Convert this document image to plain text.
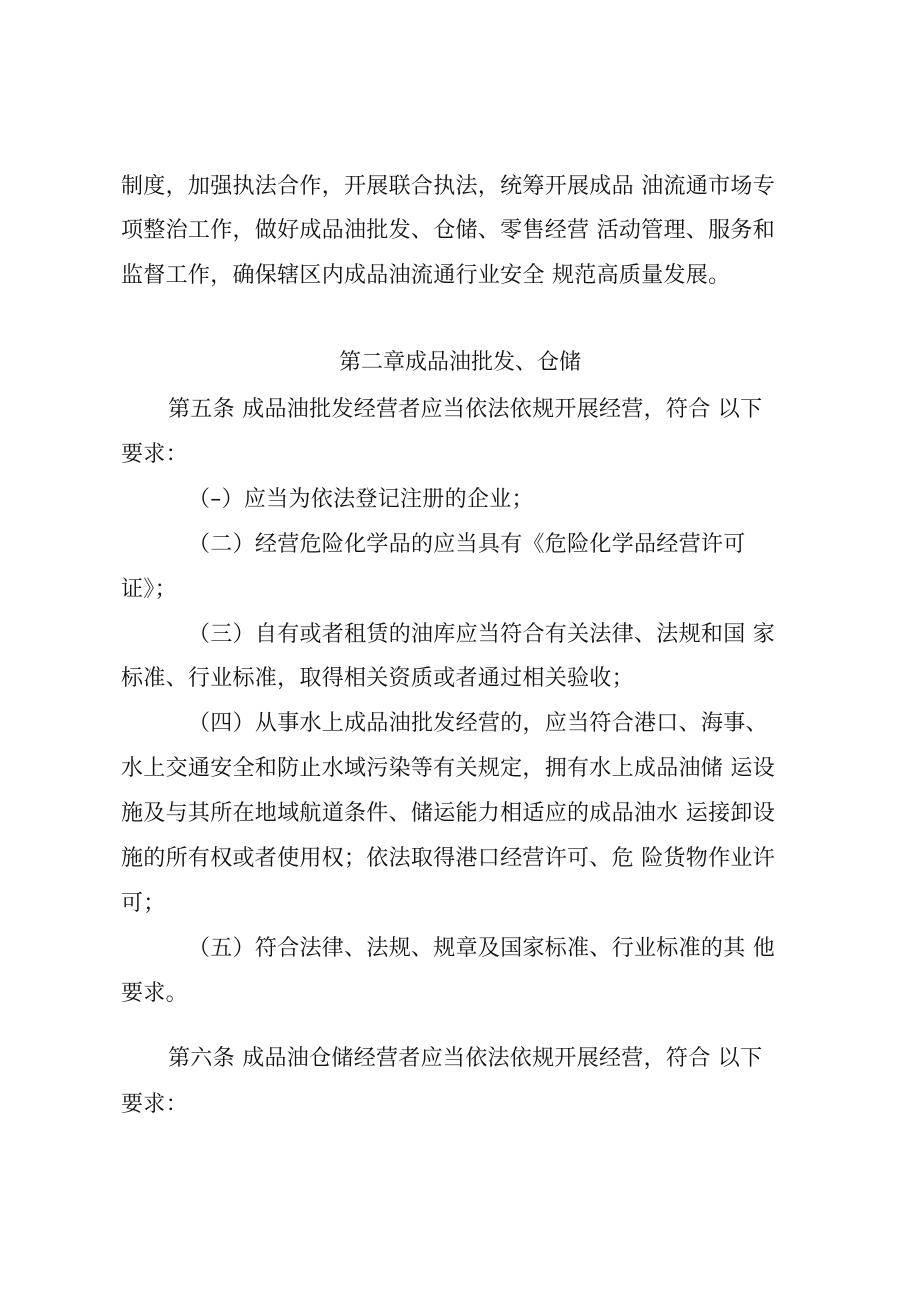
制度，加强执法合作，开展联合执法，统筹开展成品 油流通市场专
项整治工作，做好成品油批发、仓储、零售经营 活动管理、服务和
监督工作，确保辖区内成品油流通行业安全 规范高质量发展。
第二章成品油批发、仓储
第五条 成品油批发经营者应当依法依规开展经营，符合 以下
要求：
（–）应当为依法登记注册的企业；
（二）经营危险化学品的应当具有《危险化学品经营许可
证》；
（三）自有或者租赁的油库应当符合有关法律、法规和国 家
标准、行业标准，取得相关资质或者通过相关验收；
（四）从事水上成品油批发经营的，应当符合港口、海事、
水上交通安全和防止水域污染等有关规定，拥有水上成品油储 运设
施及与其所在地域航道条件、储运能力相适应的成品油水 运接卸设
施的所有权或者使用权；依法取得港口经营许可、危 险货物作业许
可；
（五）符合法律、法规、规章及国家标准、行业标准的其 他
要求。
第六条 成品油仓储经营者应当依法依规开展经营，符合 以下
要求：
